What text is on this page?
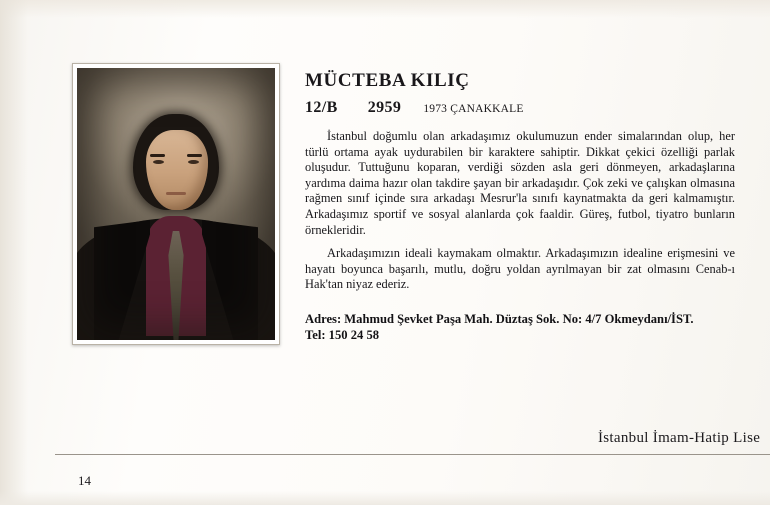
MÜCTEBA KILIÇ
12/B 2959 1973 ÇANAKKALE

İstanbul doğumlu olan arkadaşımız okulumuzun ender simalarından olup, her türlü ortama ayak uydurabilen bir karaktere sahiptir. Dikkat çekici özelliği parlak oluşudur. Tuttuğunu koparan, verdiği sözden asla geri dönmeyen, arkadaşlarına yardıma daima hazır olan takdire şayan bir arkadaşıdır. Çok zeki ve çalışkan olmasına rağmen sınıf içinde sıra arkadaşı Mesrur'la sınıfı kaynatmakta da geri kalmamıştır. Arkadaşımız sportif ve sosyal alanlarda çok faaldir. Güreş, futbol, tiyatro bunların örnekleridir.

Arkadaşımızın ideali kaymakam olmaktır. Arkadaşımızın idealine erişmesini ve hayatı boyunca başarılı, mutlu, doğru yoldan ayrılmayan bir zat olmasını Cenab-ı Hak'tan niyaz ederiz.

Adres: Mahmud Şevket Paşa Mah. Düztaş Sok. No: 4/7 Okmeydanı/İST.
Tel: 150 24 58
İstanbul İmam-Hatip Lise
14
